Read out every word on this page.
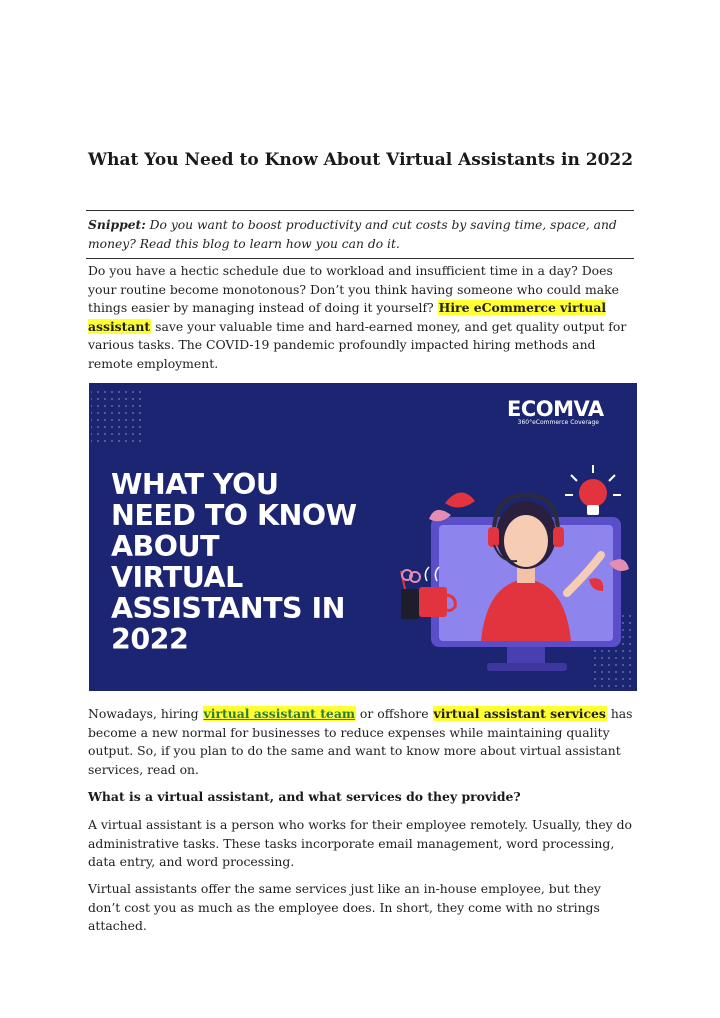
What You Need to Know About Virtual Assistants in 2022
Snippet: Do you want to boost productivity and cut costs by saving time, space, and money? Read this blog to learn how you can do it.

Do you have a hectic schedule due to workload and insufficient time in a day? Does your routine become monotonous? Don’t you think having someone who could make things easier by managing instead of doing it yourself? Hire eCommerce virtual assistant save your valuable time and hard-earned money, and get quality output for various tasks. The COVID-19 pandemic profoundly impacted hiring methods and remote employment.

ECOMVA
360°eCommerce Coverage
WHAT YOU
NEED TO KNOW
ABOUT
VIRTUAL
ASSISTANTS IN
2022

Nowadays, hiring virtual assistant team or offshore virtual assistant services has become a new normal for businesses to reduce expenses while maintaining quality output. So, if you plan to do the same and want to know more about virtual assistant services, read on.

What is a virtual assistant, and what services do they provide?

A virtual assistant is a person who works for their employee remotely. Usually, they do administrative tasks. These tasks incorporate email management, word processing, data entry, and word processing.

Virtual assistants offer the same services just like an in-house employee, but they don’t cost you as much as the employee does. In short, they come with no strings attached.
